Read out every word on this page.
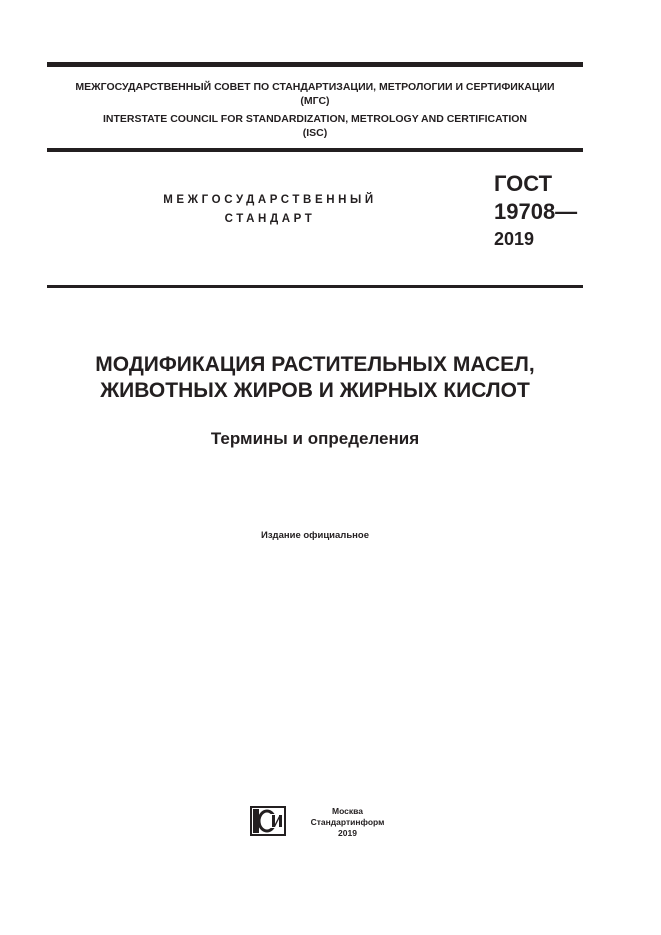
МЕЖГОСУДАРСТВЕННЫЙ СОВЕТ ПО СТАНДАРТИЗАЦИИ, МЕТРОЛОГИИ И СЕРТИФИКАЦИИ
(МГС)
INTERSTATE COUNCIL FOR STANDARDIZATION, METROLOGY AND CERTIFICATION
(ISC)
МЕЖГОСУДАРСТВЕННЫЙ
СТАНДАРТ
ГОСТ
19708—
2019
МОДИФИКАЦИЯ РАСТИТЕЛЬНЫХ МАСЕЛ,
ЖИВОТНЫХ ЖИРОВ И ЖИРНЫХ КИСЛОТ
Термины и определения
Издание официальное
Москва
Стандартинформ
2019
